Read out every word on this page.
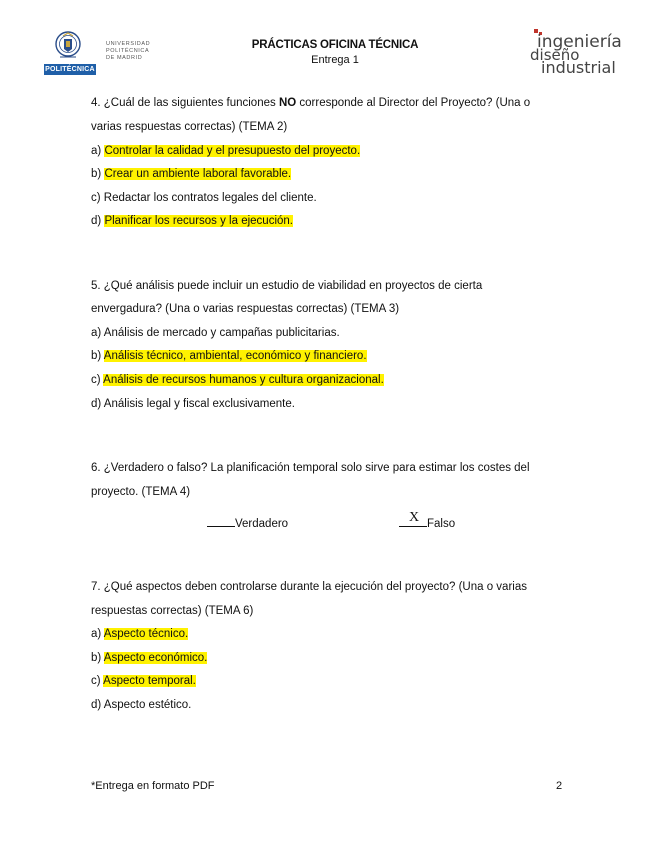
POLITÉCNICA
UNIVERSIDAD
POLITÉCNICA
DE MADRID
PRÁCTICAS OFICINA TÉCNICA
Entrega 1
ingeniería
diseño
industrial
4. ¿Cuál de las siguientes funciones NO corresponde al Director del Proyecto? (Una o
varias respuestas correctas) (TEMA 2)
a) Controlar la calidad y el presupuesto del proyecto.
b) Crear un ambiente laboral favorable.
c) Redactar los contratos legales del cliente.
d) Planificar los recursos y la ejecución.
5. ¿Qué análisis puede incluir un estudio de viabilidad en proyectos de cierta
envergadura? (Una o varias respuestas correctas) (TEMA 3)
a) Análisis de mercado y campañas publicitarias.
b) Análisis técnico, ambiental, económico y financiero.
c) Análisis de recursos humanos y cultura organizacional.
d) Análisis legal y fiscal exclusivamente.
6. ¿Verdadero o falso? La planificación temporal solo sirve para estimar los costes del
proyecto. (TEMA 4)
Verdadero	X Falso
7. ¿Qué aspectos deben controlarse durante la ejecución del proyecto? (Una o varias
respuestas correctas) (TEMA 6)
a) Aspecto técnico.
b) Aspecto económico.
c) Aspecto temporal.
d) Aspecto estético.
*Entrega en formato PDF	2
